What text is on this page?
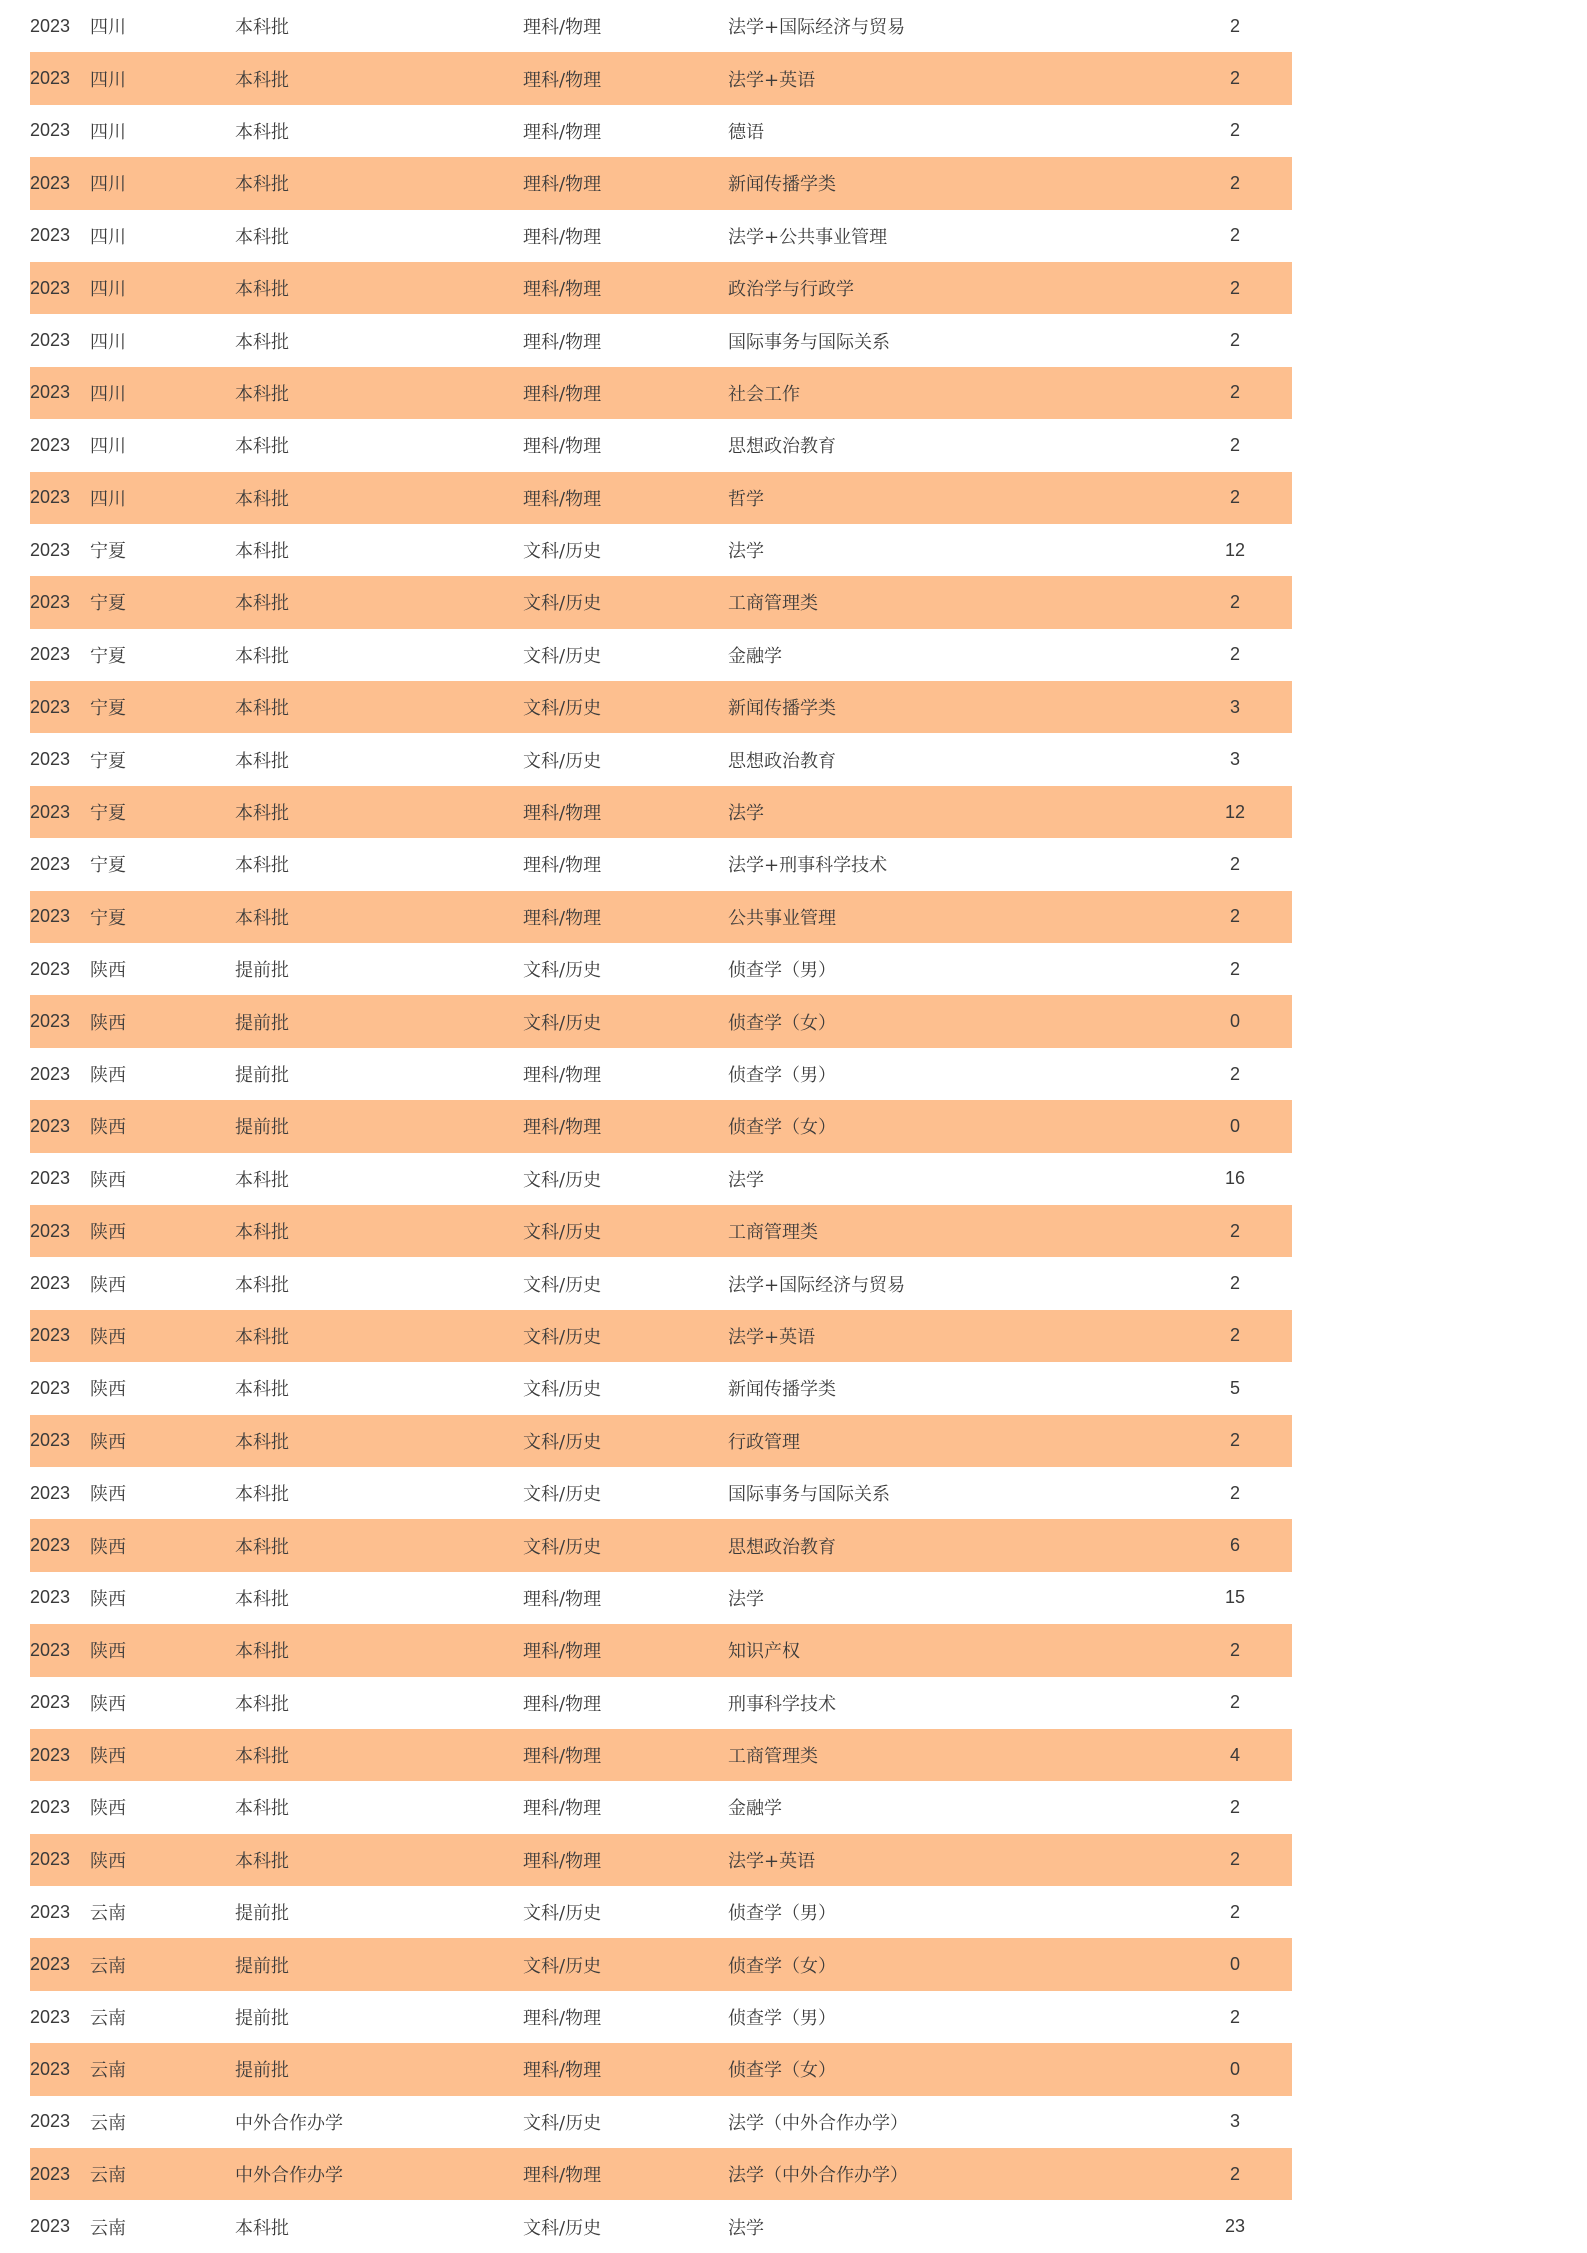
2023 四川	本科批	理科/物理	法学+国际经济与贸易	2
2023 四川	本科批	理科/物理	法学+英语	2
2023 四川	本科批	理科/物理	德语	2
2023 四川	本科批	理科/物理	新闻传播学类	2
2023 四川	本科批	理科/物理	法学+公共事业管理	2
2023 四川	本科批	理科/物理	政治学与行政学	2
2023 四川	本科批	理科/物理	国际事务与国际关系	2
2023 四川	本科批	理科/物理	社会工作	2
2023 四川	本科批	理科/物理	思想政治教育	2
2023 四川	本科批	理科/物理	哲学	2
2023 宁夏	本科批	文科/历史	法学	12
2023 宁夏	本科批	文科/历史	工商管理类	2
2023 宁夏	本科批	文科/历史	金融学	2
2023 宁夏	本科批	文科/历史	新闻传播学类	3
2023 宁夏	本科批	文科/历史	思想政治教育	3
2023 宁夏	本科批	理科/物理	法学	12
2023 宁夏	本科批	理科/物理	法学+刑事科学技术	2
2023 宁夏	本科批	理科/物理	公共事业管理	2
2023 陕西	提前批	文科/历史	侦查学（男）	2
2023 陕西	提前批	文科/历史	侦查学（女）	0
2023 陕西	提前批	理科/物理	侦查学（男）	2
2023 陕西	提前批	理科/物理	侦查学（女）	0
2023 陕西	本科批	文科/历史	法学	16
2023 陕西	本科批	文科/历史	工商管理类	2
2023 陕西	本科批	文科/历史	法学+国际经济与贸易	2
2023 陕西	本科批	文科/历史	法学+英语	2
2023 陕西	本科批	文科/历史	新闻传播学类	5
2023 陕西	本科批	文科/历史	行政管理	2
2023 陕西	本科批	文科/历史	国际事务与国际关系	2
2023 陕西	本科批	文科/历史	思想政治教育	6
2023 陕西	本科批	理科/物理	法学	15
2023 陕西	本科批	理科/物理	知识产权	2
2023 陕西	本科批	理科/物理	刑事科学技术	2
2023 陕西	本科批	理科/物理	工商管理类	4
2023 陕西	本科批	理科/物理	金融学	2
2023 陕西	本科批	理科/物理	法学+英语	2
2023 云南	提前批	文科/历史	侦查学（男）	2
2023 云南	提前批	文科/历史	侦查学（女）	0
2023 云南	提前批	理科/物理	侦查学（男）	2
2023 云南	提前批	理科/物理	侦查学（女）	0
2023 云南	中外合作办学	文科/历史	法学（中外合作办学）	3
2023 云南	中外合作办学	理科/物理	法学（中外合作办学）	2
2023 云南	本科批	文科/历史	法学	23
